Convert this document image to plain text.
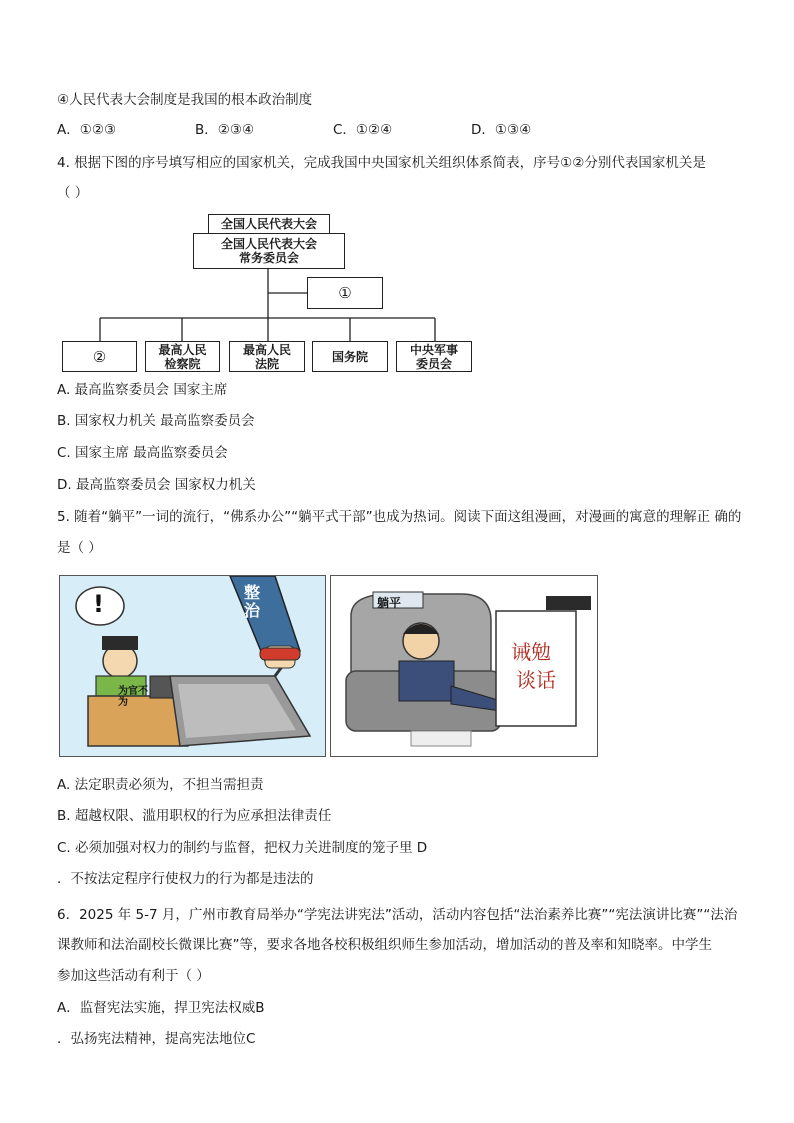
④人民代表大会制度是我国的根本政治制度
A．①②③	B．②③④	C．①②④	D．①③④
4. 根据下图的序号填写相应的国家机关，完成我国中央国家机关组织体系简表，序号①②分别代表国家机关是
（ ）
全国人民代表大会
全国人民代表大会
常务委员会
①
②	最高人民
检察院
最高人民
法院	国务院	中央军事
委员会
A. 最高监察委员会 国家主席
B. 国家权力机关 最高监察委员会
C. 国家主席 最高监察委员会
D. 最高监察委员会 国家权力机关
5. 随着“躺平”一词的流行，“佛系办公”“躺平式干部”也成为热词。阅读下面这组漫画，对漫画的寓意的理解正 确的
是（ ）
!	整治
为官不为
躺平
诫勉
谈话
A. 法定职责必须为，不担当需担责
B. 超越权限、滥用职权的行为应承担法律责任
C. 必须加强对权力的制约与监督，把权力关进制度的笼子里 D
．不按法定程序行使权力的行为都是违法的
6．2025 年 5-7 月，广州市教育局举办“学宪法讲宪法”活动，活动内容包括“法治素养比赛”“宪法演讲比赛”“法治
课教师和法治副校长微课比赛”等，要求各地各校积极组织师生参加活动，增加活动的普及率和知晓率。中学生
参加这些活动有利于（ ）
A．监督宪法实施，捍卫宪法权威B
．弘扬宪法精神，提高宪法地位C
